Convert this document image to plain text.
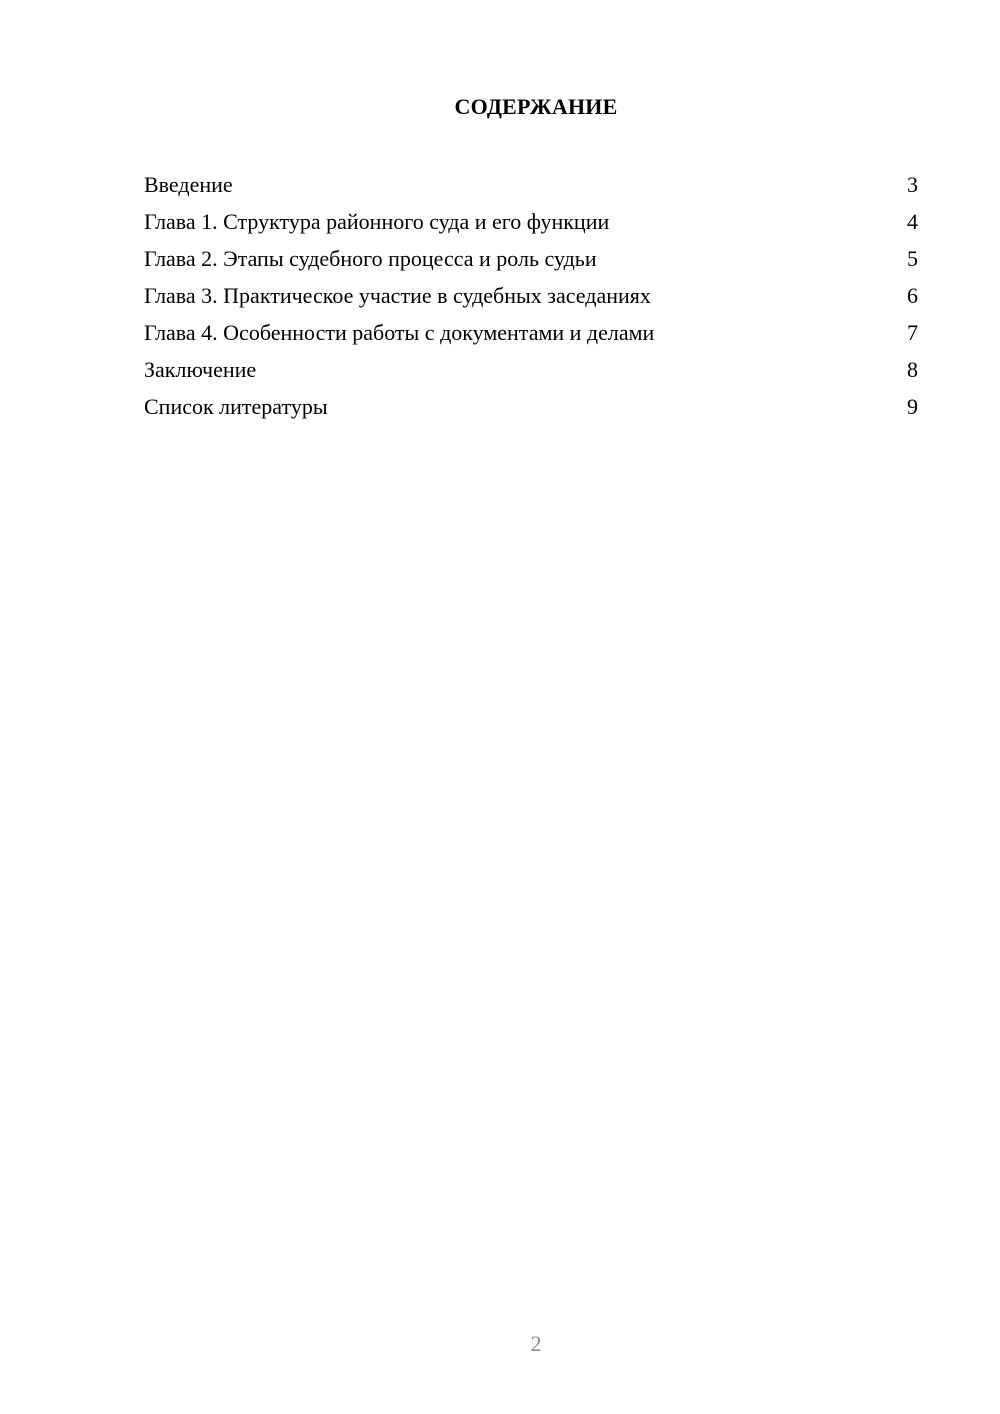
СОДЕРЖАНИЕ
Введение	3
Глава 1. Структура районного суда и его функции	4
Глава 2. Этапы судебного процесса и роль судьи	5
Глава 3. Практическое участие в судебных заседаниях	6
Глава 4. Особенности работы с документами и делами	7
Заключение	8
Список литературы	9
2
